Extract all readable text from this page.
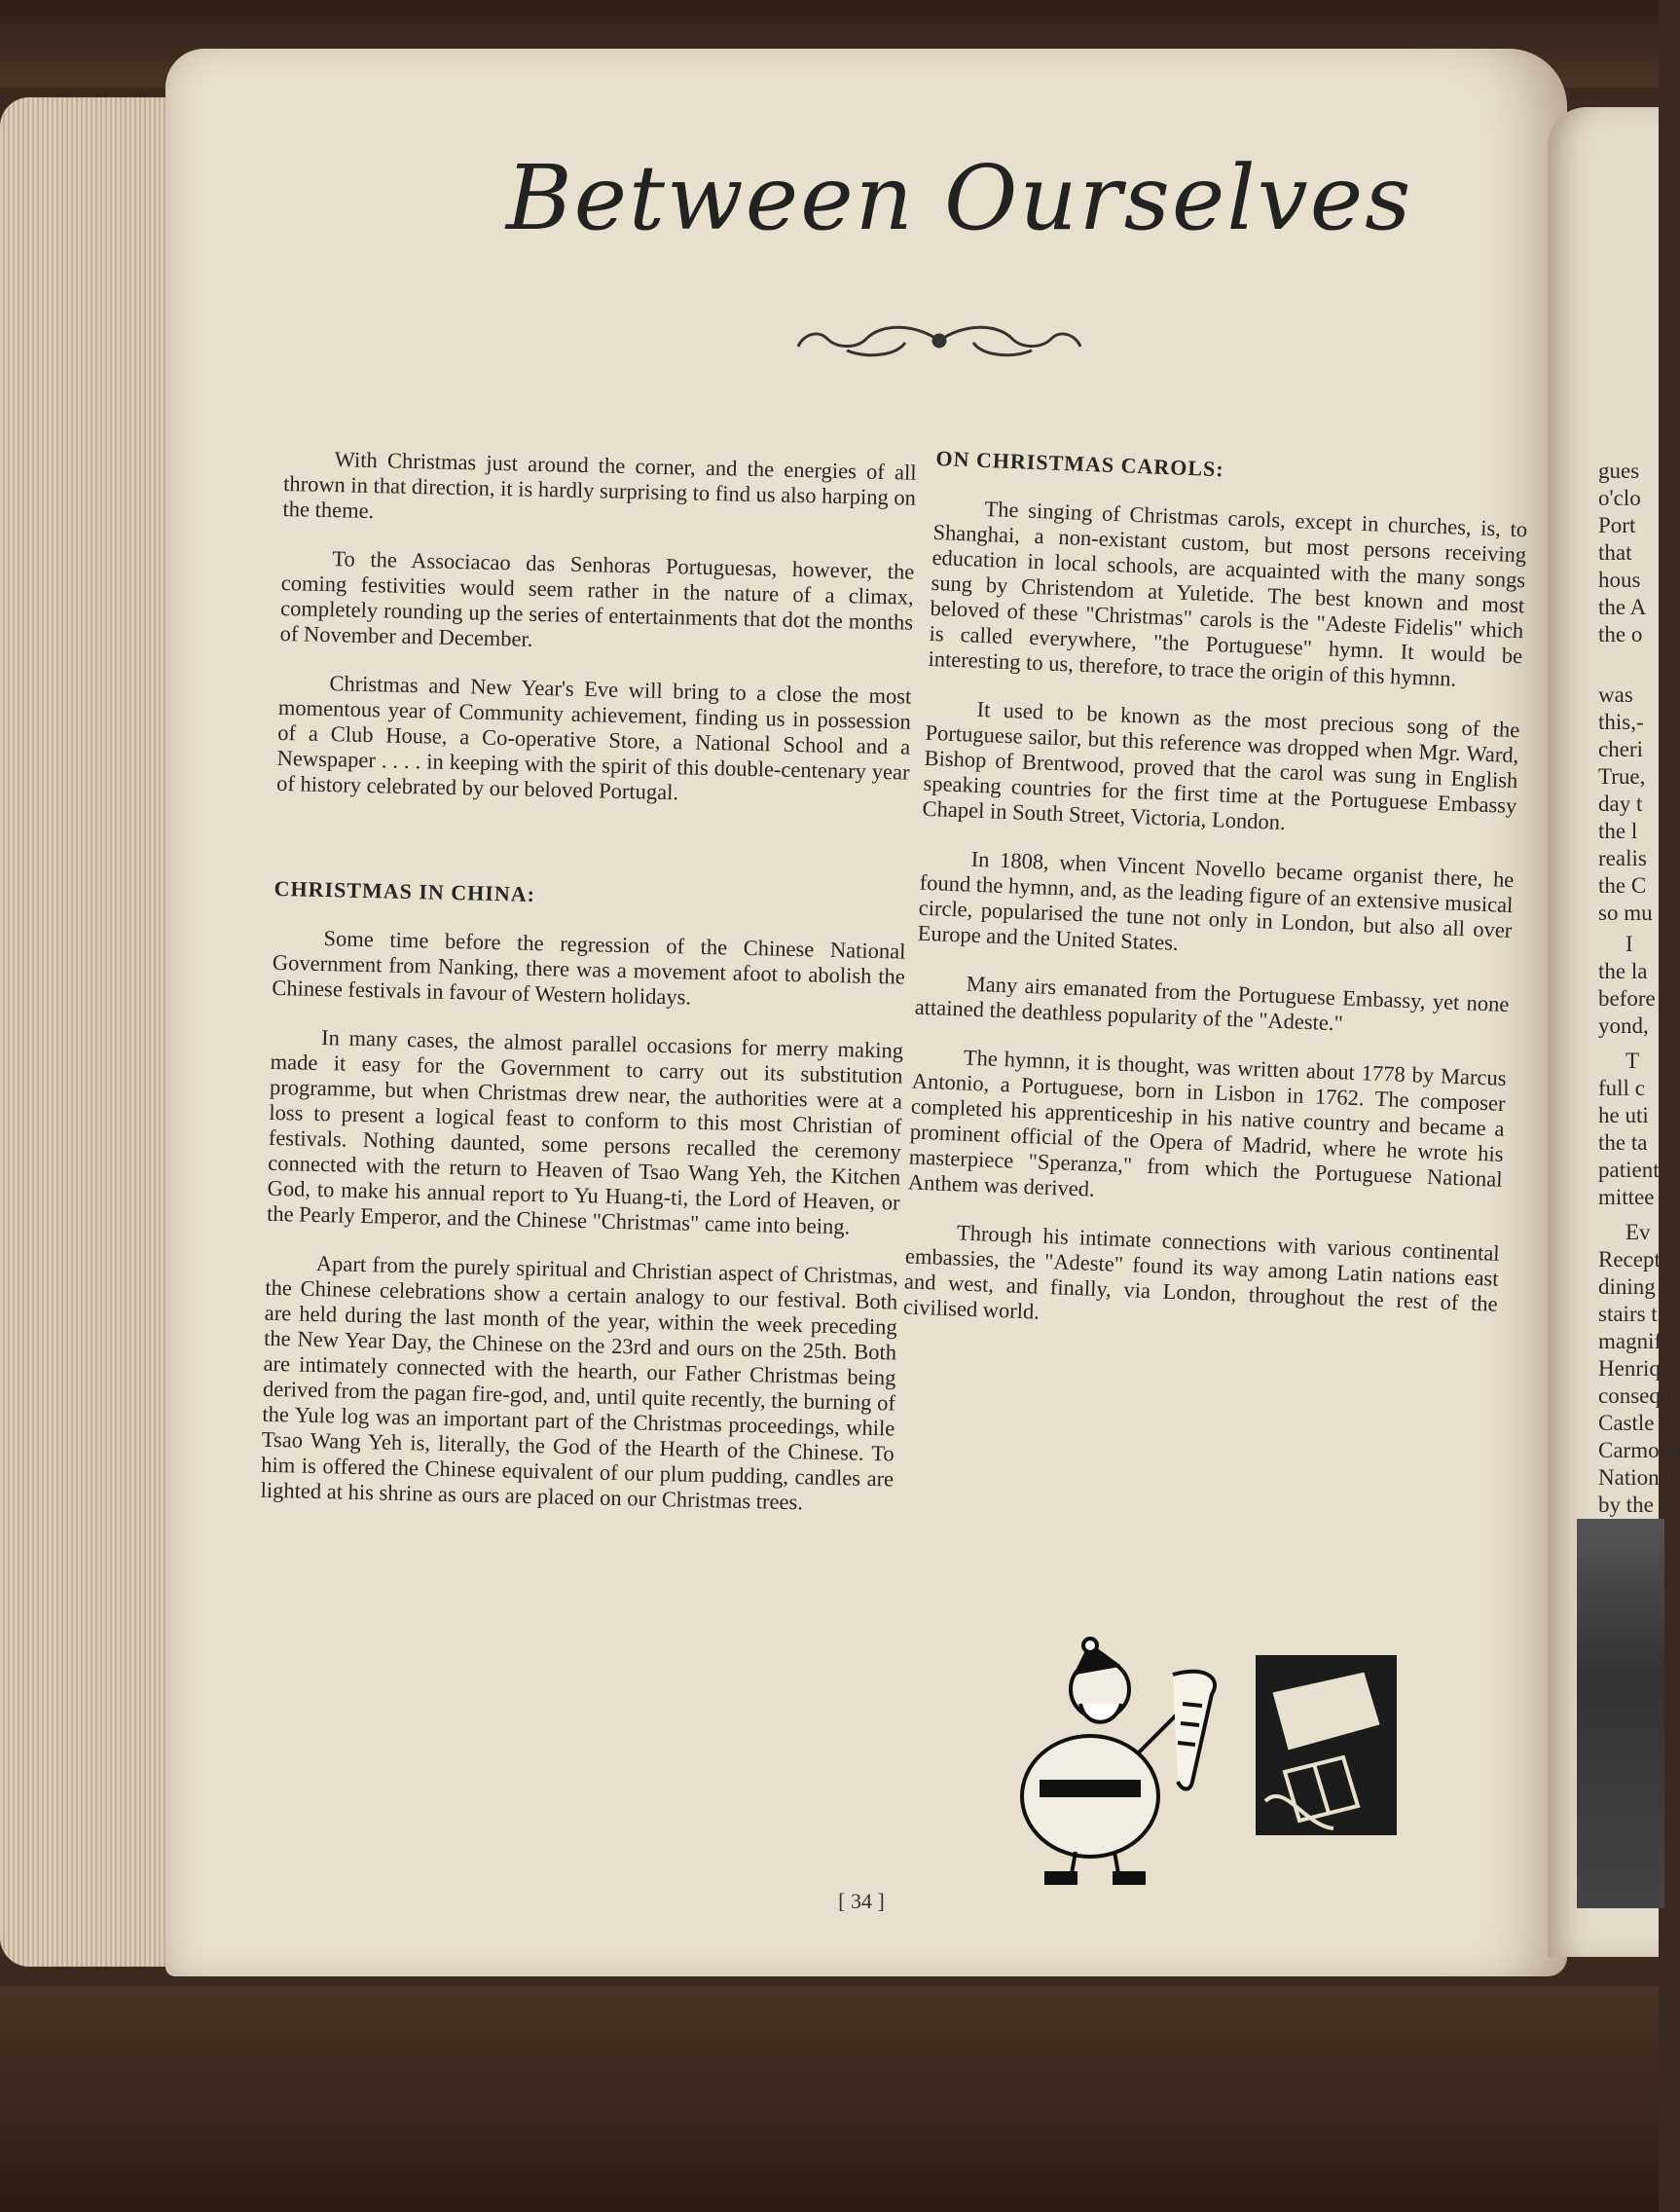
gues
o'clo
Port
that
hous
the A
the o
was
this,-
cheri
True,
day t
the l
realis
the C
so mu
I
the la
before
yond,
T
full c
he uti
the ta
patient
mittee
Ev
Recept
dining
stairs t
magnific
Henriqu
consequ
Castle o
Carmona
National
by the s
Between Ourselves

With Christmas just around the corner, and the energies of all thrown in that direction, it is hardly surprising to find us also harping on the theme.

To the Associacao das Senhoras Portuguesas, however, the coming festivities would seem rather in the nature of a climax, completely rounding up the series of entertainments that dot the months of November and December.

Christmas and New Year's Eve will bring to a close the most momentous year of Community achievement, finding us in possession of a Club House, a Co-operative Store, a National School and a Newspaper . . . . in keeping with the spirit of this double-centenary year of history celebrated by our beloved Portugal.

CHRISTMAS IN CHINA:

Some time before the regression of the Chinese National Government from Nanking, there was a movement afoot to abolish the Chinese festivals in favour of Western holidays.

In many cases, the almost parallel occasions for merry making made it easy for the Government to carry out its substitution programme, but when Christmas drew near, the authorities were at a loss to present a logical feast to conform to this most Christian of festivals. Nothing daunted, some persons recalled the ceremony connected with the return to Heaven of Tsao Wang Yeh, the Kitchen God, to make his annual report to Yu Huang-ti, the Lord of Heaven, or the Pearly Emperor, and the Chinese "Christmas" came into being.

Apart from the purely spiritual and Christian aspect of Christmas, the Chinese celebrations show a certain analogy to our festival. Both are held during the last month of the year, within the week preceding the New Year Day, the Chinese on the 23rd and ours on the 25th. Both are intimately connected with the hearth, our Father Christmas being derived from the pagan fire-god, and, until quite recently, the burning of the Yule log was an important part of the Christmas proceedings, while Tsao Wang Yeh is, literally, the God of the Hearth of the Chinese. To him is offered the Chinese equivalent of our plum pudding, candles are lighted at his shrine as ours are placed on our Christmas trees.

ON CHRISTMAS CAROLS:

The singing of Christmas carols, except in churches, is, to Shanghai, a non-existant custom, but most persons receiving education in local schools, are acquainted with the many songs sung by Christendom at Yuletide. The best known and most beloved of these "Christmas" carols is the "Adeste Fidelis" which is called everywhere, "the Portuguese" hymn. It would be interesting to us, therefore, to trace the origin of this hymnn.

It used to be known as the most precious song of the Portuguese sailor, but this reference was dropped when Mgr. Ward, Bishop of Brentwood, proved that the carol was sung in English speaking countries for the first time at the Portuguese Embassy Chapel in South Street, Victoria, London.

In 1808, when Vincent Novello became organist there, he found the hymnn, and, as the leading figure of an extensive musical circle, popularised the tune not only in London, but also all over Europe and the United States.

Many airs emanated from the Portuguese Embassy, yet none attained the deathless popularity of the "Adeste."

The hymnn, it is thought, was written about 1778 by Marcus Antonio, a Portuguese, born in Lisbon in 1762. The composer completed his apprenticeship in his native country and became a prominent official of the Opera of Madrid, where he wrote his masterpiece "Speranza," from which the Portuguese National Anthem was derived.

Through his intimate connections with various continental embassies, the "Adeste" found its way among Latin nations east and west, and finally, via London, throughout the rest of the civilised world.

[ 34 ]
